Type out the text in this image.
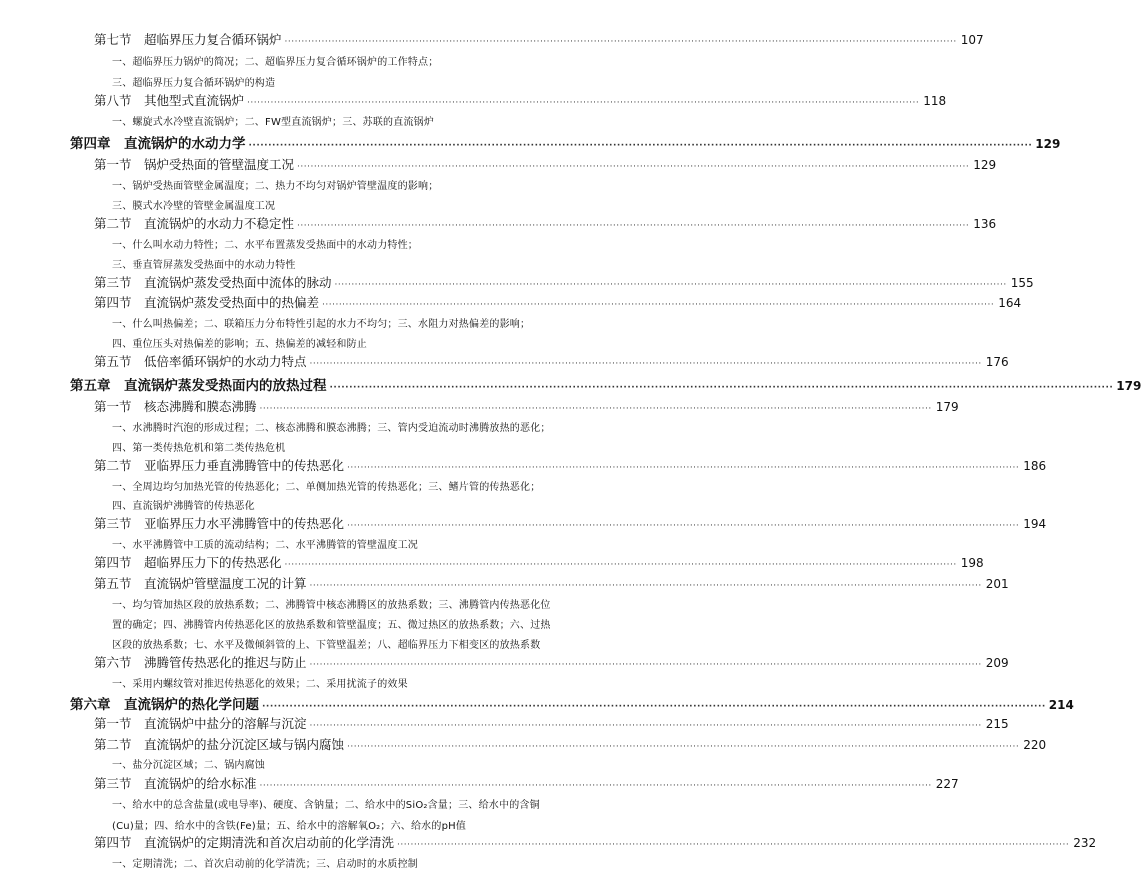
第七节　超临界压力复合循环锅炉 ········································································································································································································ 107
一、超临界压力锅炉的简况；二、超临界压力复合循环锅炉的工作特点；
三、超临界压力复合循环锅炉的构造
第八节　其他型式直流锅炉 ········································································································································································································ 118
一、螺旋式水冷壁直流锅炉；二、FW型直流锅炉；三、苏联的直流锅炉
第四章　直流锅炉的水动力学 ········································································································································································································ 129
第一节　锅炉受热面的管壁温度工况 ········································································································································································································ 129
一、锅炉受热面管壁金属温度；二、热力不均匀对锅炉管壁温度的影响；
三、膜式水冷壁的管壁金属温度工况
第二节　直流锅炉的水动力不稳定性 ········································································································································································································ 136
一、什么叫水动力特性；二、水平布置蒸发受热面中的水动力特性；
三、垂直管屏蒸发受热面中的水动力特性
第三节　直流锅炉蒸发受热面中流体的脉动 ········································································································································································································ 155
第四节　直流锅炉蒸发受热面中的热偏差 ········································································································································································································ 164
一、什么叫热偏差；二、联箱压力分布特性引起的水力不均匀；三、水阻力对热偏差的影响；
四、重位压头对热偏差的影响；五、热偏差的减轻和防止
第五节　低倍率循环锅炉的水动力特点 ········································································································································································································ 176
第五章　直流锅炉蒸发受热面内的放热过程 ········································································································································································································ 179
第一节　核态沸腾和膜态沸腾 ········································································································································································································ 179
一、水沸腾时汽泡的形成过程；二、核态沸腾和膜态沸腾；三、管内受迫流动时沸腾放热的恶化；
四、第一类传热危机和第二类传热危机
第二节　亚临界压力垂直沸腾管中的传热恶化 ········································································································································································································ 186
一、全周边均匀加热光管的传热恶化；二、单侧加热光管的传热恶化；三、鳍片管的传热恶化；
四、直流锅炉沸腾管的传热恶化
第三节　亚临界压力水平沸腾管中的传热恶化 ········································································································································································································ 194
一、水平沸腾管中工质的流动结构；二、水平沸腾管的管壁温度工况
第四节　超临界压力下的传热恶化 ········································································································································································································ 198
第五节　直流锅炉管壁温度工况的计算 ········································································································································································································ 201
一、均匀管加热区段的放热系数；二、沸腾管中核态沸腾区的放热系数；三、沸腾管内传热恶化位
置的确定；四、沸腾管内传热恶化区的放热系数和管壁温度；五、微过热区的放热系数；六、过热
区段的放热系数；七、水平及微倾斜管的上、下管壁温差；八、超临界压力下相变区的放热系数
第六节　沸腾管传热恶化的推迟与防止 ········································································································································································································ 209
一、采用内螺纹管对推迟传热恶化的效果；二、采用扰流子的效果
第六章　直流锅炉的热化学问题 ········································································································································································································ 214
第一节　直流锅炉中盐分的溶解与沉淀 ········································································································································································································ 215
第二节　直流锅炉的盐分沉淀区域与锅内腐蚀 ········································································································································································································ 220
一、盐分沉淀区域；二、锅内腐蚀
第三节　直流锅炉的给水标准 ········································································································································································································ 227
一、给水中的总含盐量(或电导率)、硬度、含钠量；二、给水中的SiO₂含量；三、给水中的含铜
(Cu)量；四、给水中的含铁(Fe)量；五、给水中的溶解氧O₂；六、给水的pH值
第四节　直流锅炉的定期清洗和首次启动前的化学清洗 ········································································································································································································ 232
一、定期清洗；二、首次启动前的化学清洗；三、启动时的水质控制
